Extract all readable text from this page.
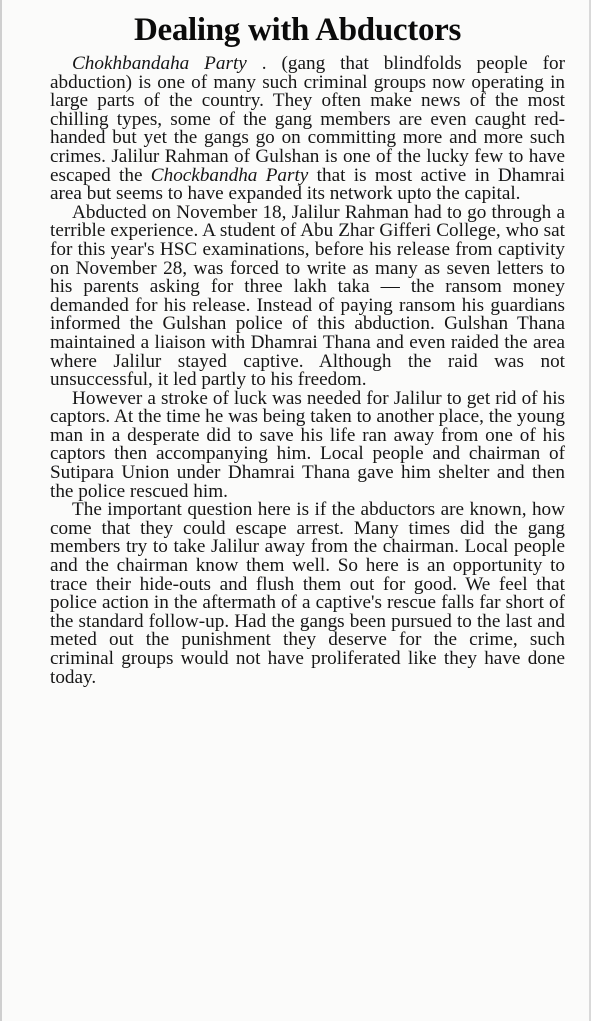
Dealing with Abductors

Chokhbandaha Party . (gang that blindfolds people for abduction) is one of many such criminal groups now operating in large parts of the country. They often make news of the most chilling types, some of the gang members are even caught red-handed but yet the gangs go on committing more and more such crimes. Jalilur Rahman of Gulshan is one of the lucky few to have escaped the Chockbandha Party that is most active in Dhamrai area but seems to have expanded its network upto the capital.

Abducted on November 18, Jalilur Rahman had to go through a terrible experience. A student of Abu Zhar Gifferi College, who sat for this year's HSC examinations, before his release from captivity on November 28, was forced to write as many as seven letters to his parents asking for three lakh taka — the ransom money demanded for his release. Instead of paying ransom his guardians informed the Gulshan police of this abduction. Gulshan Thana maintained a liaison with Dhamrai Thana and even raided the area where Jalilur stayed captive. Although the raid was not unsuccessful, it led partly to his freedom.

However a stroke of luck was needed for Jalilur to get rid of his captors. At the time he was being taken to another place, the young man in a desperate did to save his life ran away from one of his captors then accompanying him. Local people and chairman of Sutipara Union under Dhamrai Thana gave him shelter and then the police rescued him.

The important question here is if the abductors are known, how come that they could escape arrest. Many times did the gang members try to take Jalilur away from the chairman. Local people and the chairman know them well. So here is an opportunity to trace their hide-outs and flush them out for good. We feel that police action in the aftermath of a captive's rescue falls far short of the standard follow-up. Had the gangs been pursued to the last and meted out the punishment they deserve for the crime, such criminal groups would not have proliferated like they have done today.
